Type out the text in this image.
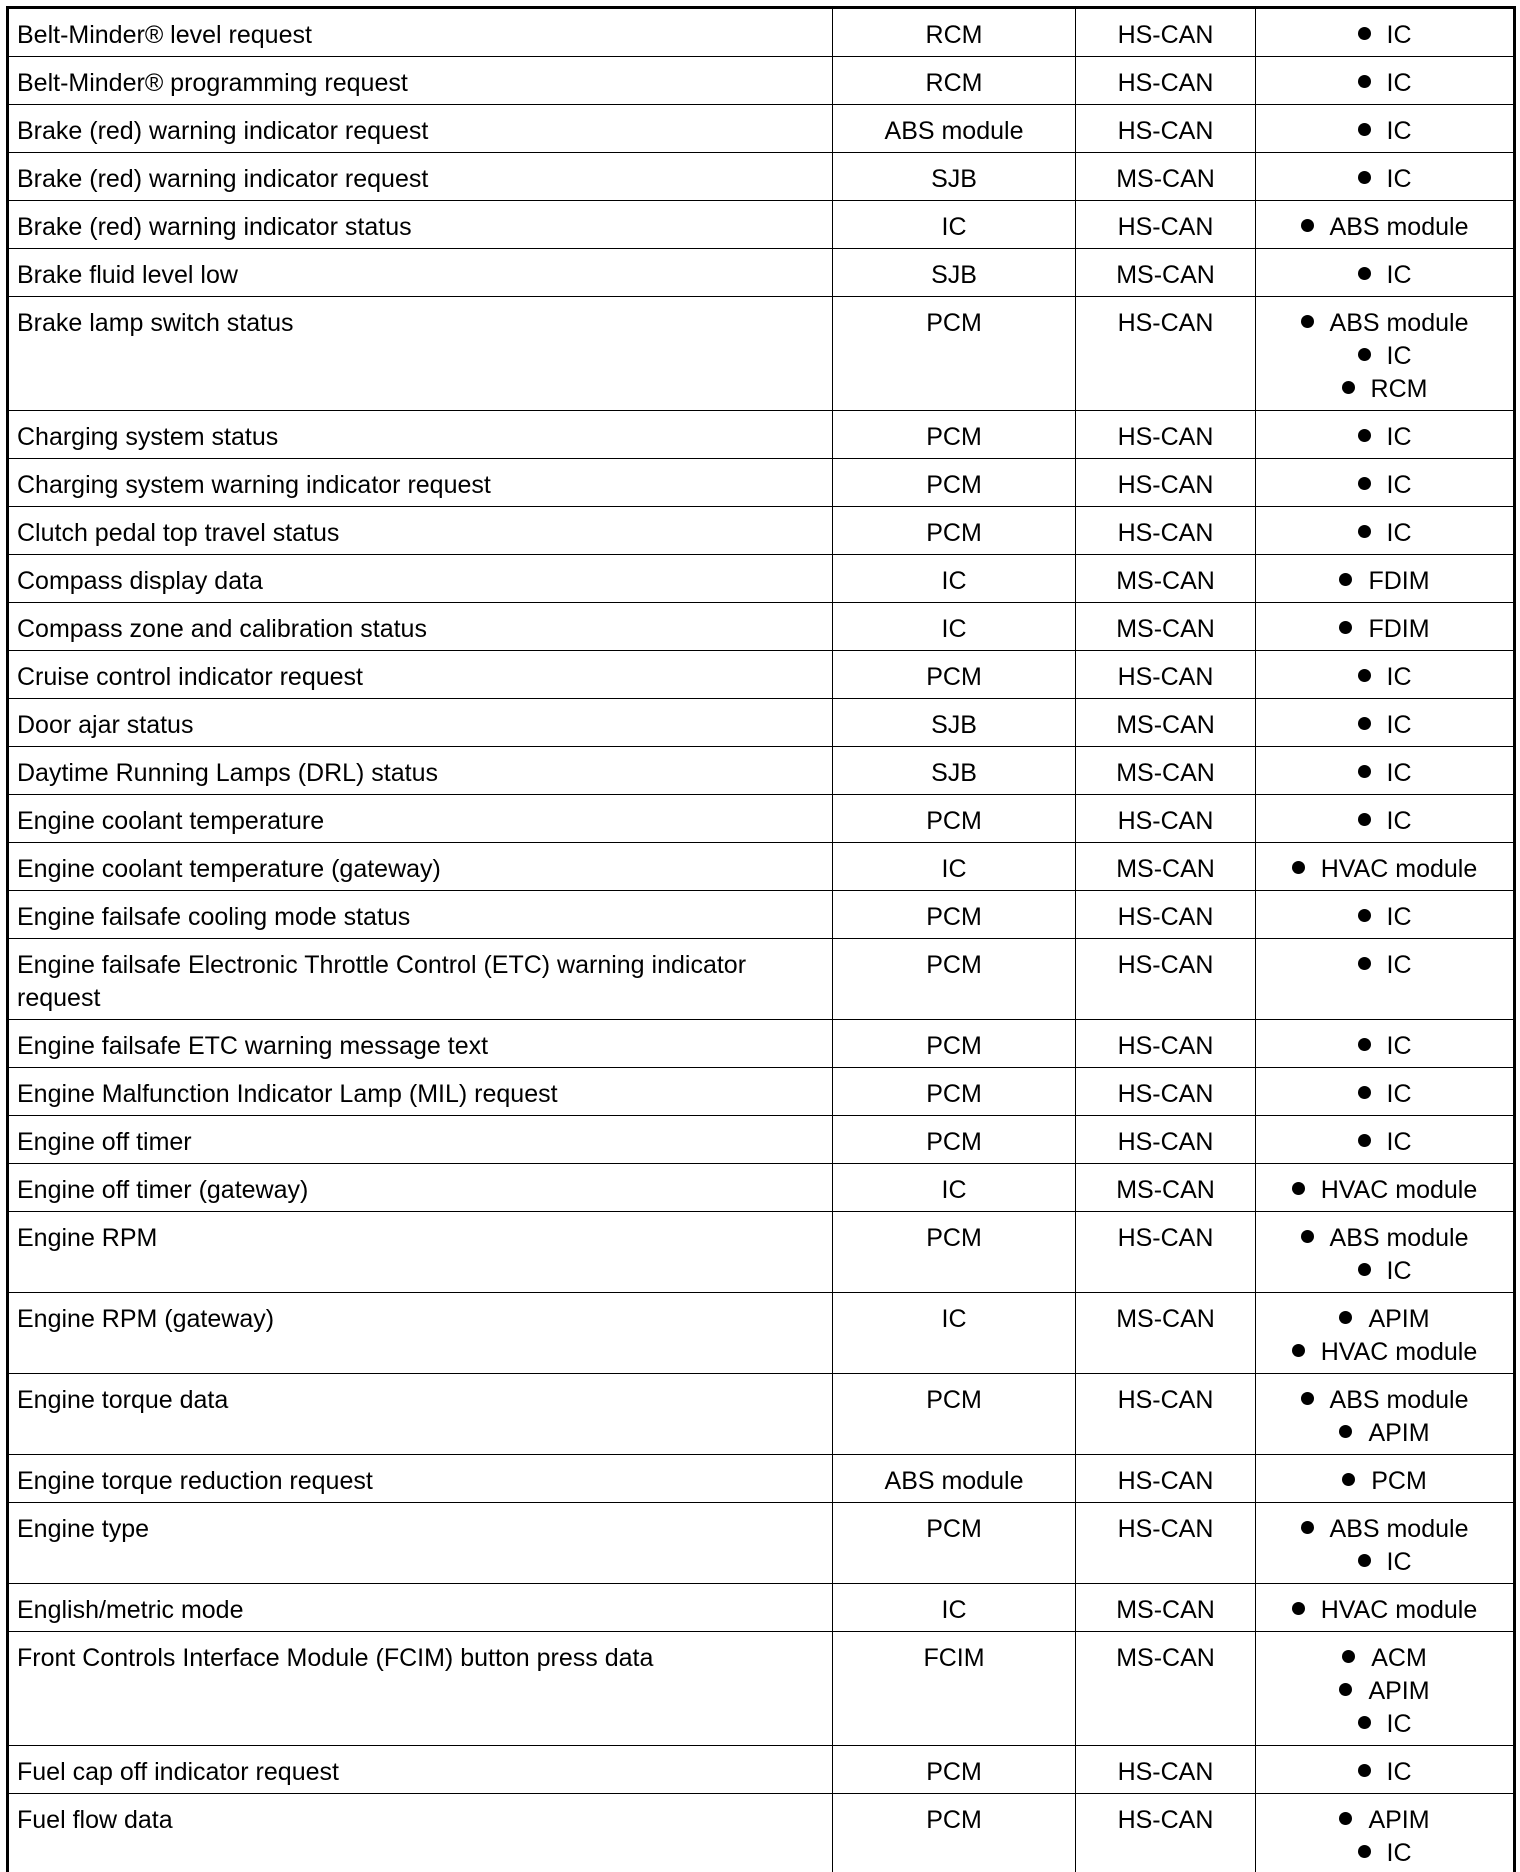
Belt-Minder® level request	RCM	HS-CAN	IC

Belt-Minder® programming request	RCM	HS-CAN	IC

Brake (red) warning indicator request	ABS module	HS-CAN	IC

Brake (red) warning indicator request	SJB	MS-CAN	IC

Brake (red) warning indicator status	IC	HS-CAN	ABS module

Brake fluid level low	SJB	MS-CAN	IC

Brake lamp switch status	PCM	HS-CAN	ABS module
IC
RCM

Charging system status	PCM	HS-CAN	IC

Charging system warning indicator request	PCM	HS-CAN	IC

Clutch pedal top travel status	PCM	HS-CAN	IC

Compass display data	IC	MS-CAN	FDIM

Compass zone and calibration status	IC	MS-CAN	FDIM

Cruise control indicator request	PCM	HS-CAN	IC

Door ajar status	SJB	MS-CAN	IC

Daytime Running Lamps (DRL) status	SJB	MS-CAN	IC

Engine coolant temperature	PCM	HS-CAN	IC

Engine coolant temperature (gateway)	IC	MS-CAN	HVAC module

Engine failsafe cooling mode status	PCM	HS-CAN	IC

Engine failsafe Electronic Throttle Control (ETC) warning indicator request	PCM	HS-CAN	IC

Engine failsafe ETC warning message text	PCM	HS-CAN	IC

Engine Malfunction Indicator Lamp (MIL) request	PCM	HS-CAN	IC

Engine off timer	PCM	HS-CAN	IC

Engine off timer (gateway)	IC	MS-CAN	HVAC module

Engine RPM	PCM	HS-CAN	ABS module
IC

Engine RPM (gateway)	IC	MS-CAN	APIM
HVAC module

Engine torque data	PCM	HS-CAN	ABS module
APIM

Engine torque reduction request	ABS module	HS-CAN	PCM

Engine type	PCM	HS-CAN	ABS module
IC

English/metric mode	IC	MS-CAN	HVAC module

Front Controls Interface Module (FCIM) button press data	FCIM	MS-CAN	ACM
APIM
IC

Fuel cap off indicator request	PCM	HS-CAN	IC

Fuel flow data	PCM	HS-CAN	APIM
IC
